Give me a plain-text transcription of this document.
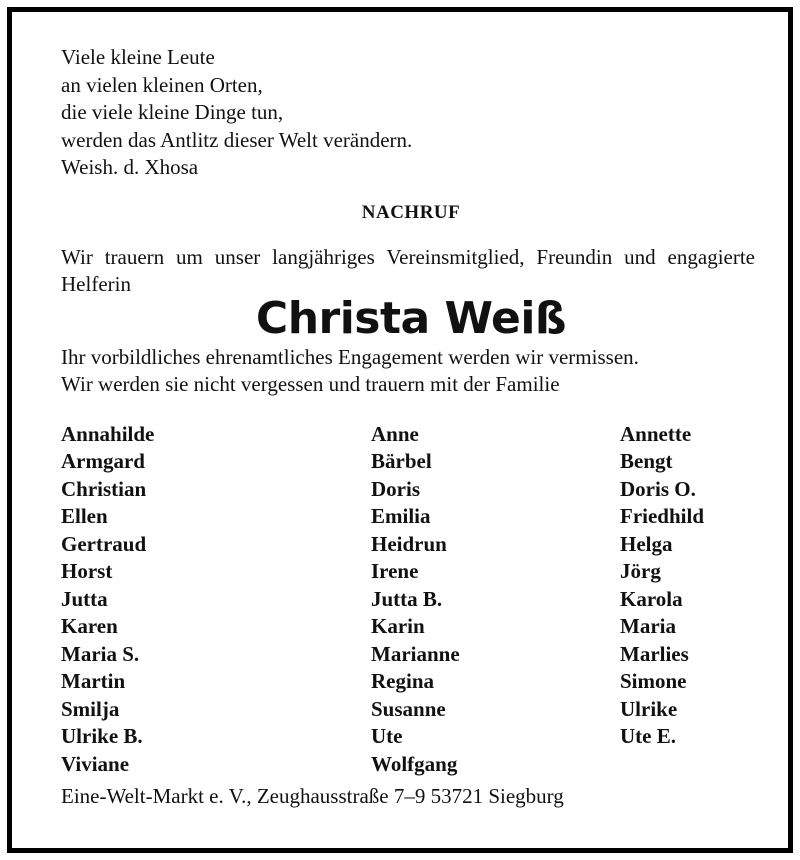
Viele kleine Leute
an vielen kleinen Orten,
die viele kleine Dinge tun,
werden das Antlitz dieser Welt verändern.
Weish. d. Xhosa
NACHRUF
Wir trauern um unser langjähriges Vereinsmitglied, Freundin und engagierte Helferin
Christa Weiß
Ihr vorbildliches ehrenamtliches Engagement werden wir vermissen.
Wir werden sie nicht vergessen und trauern mit der Familie
Annahilde
Armgard
Christian
Ellen
Gertraud
Horst
Jutta
Karen
Maria S.
Martin
Smilja
Ulrike B.
Viviane
Anne
Bärbel
Doris
Emilia
Heidrun
Irene
Jutta B.
Karin
Marianne
Regina
Susanne
Ute
Wolfgang
Annette
Bengt
Doris O.
Friedhild
Helga
Jörg
Karola
Maria
Marlies
Simone
Ulrike
Ute E.
Eine-Welt-Markt e. V., Zeughausstraße 7–9 53721 Siegburg
